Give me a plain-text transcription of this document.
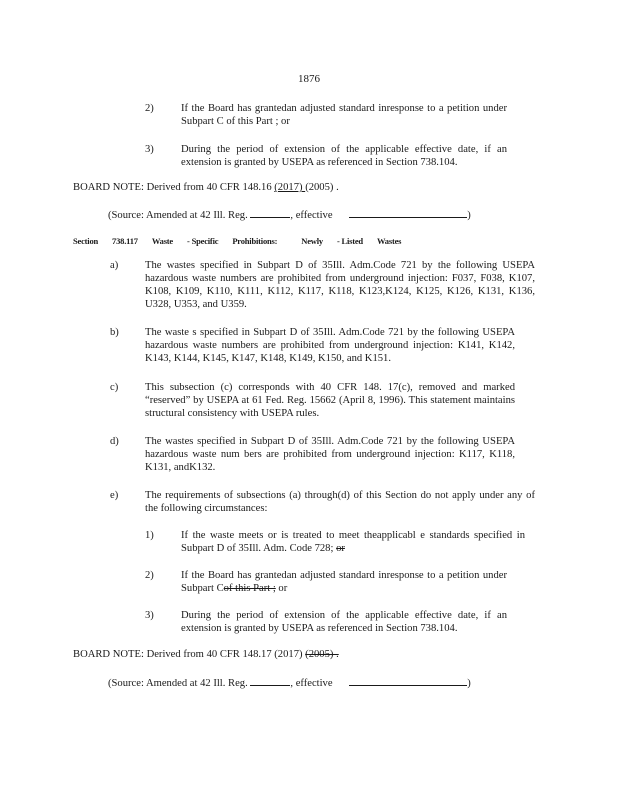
1876
2)	If the Board has grantedan adjusted standard inresponse to a petition under Subpart C of this Part ; or
3)	During the period of extension of the applicable effective date, if an extension is granted by USEPA as referenced in Section 738.104.
BOARD NOTE: Derived from 40 CFR 148.16 (2017) (2005) .
(Source: Amended at 42 Ill. Reg.	, effective	)
Section 738.117 Waste - Specific Prohibitions:	Newly - Listed Wastes
a)	The wastes specified in Subpart D of 35Ill. Adm.Code 721 by the following USEPA hazardous waste numbers are prohibited from underground injection: F037, F038, K107, K108, K109, K110, K111, K112, K117, K118, K123,K124, K125, K126, K131, K136, U328, U353, and U359.
b) The waste s specified in Subpart D of 35Ill. Adm.Code 721 by the following USEPA hazardous waste numbers are prohibited from underground injection: K141, K142, K143, K144, K145, K147, K148, K149, K150, and K151.
c)	This subsection (c) corresponds with 40 CFR 148. 17(c), removed and marked “reserved” by USEPA at 61 Fed. Reg. 15662 (April 8, 1996). This statement maintains structural consistency with USEPA rules.
d) The wastes specified in Subpart D of 35Ill. Adm.Code 721 by the following USEPA hazardous waste num bers are prohibited from underground injection: K117, K118, K131, andK132.
e)	The requirements of subsections (a) through(d) of this Section do not apply under any of the following circumstances:
1)	If the waste meets or is treated to meet theapplicabl e standards specified in Subpart D of 35Ill. Adm. Code 728; or
2)	If the Board has grantedan adjusted standard inresponse to a petition under Subpart Cof this Part ; or
3)	During the period of extension of the applicable effective date, if an extension is granted by USEPA as referenced in Section 738.104.
BOARD NOTE: Derived from 40 CFR 148.17 (2017) (2005) .
(Source: Amended at 42 Ill. Reg.	, effective	)
